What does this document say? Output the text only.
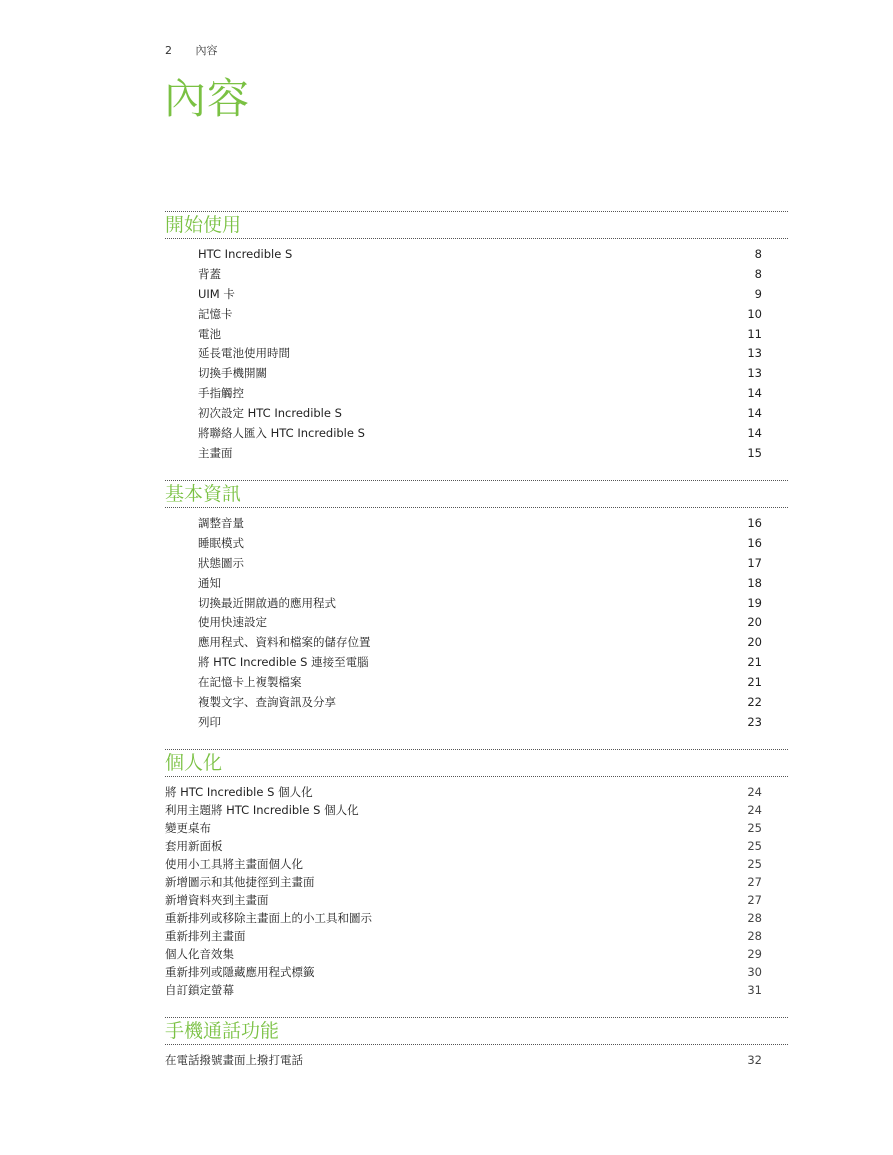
2 內容
內容
開始使用
HTC Incredible S	8
背蓋	8
UIM 卡	9
記憶卡	10
電池	11
延長電池使用時間	13
切換手機開關	13
手指觸控	14
初次設定 HTC Incredible S	14
將聯絡人匯入 HTC Incredible S	14
主畫面	15
基本資訊
調整音量	16
睡眠模式	16
狀態圖示	17
通知	18
切換最近開啟過的應用程式	19
使用快速設定	20
應用程式、資料和檔案的儲存位置	20
將 HTC Incredible S 連接至電腦	21
在記憶卡上複製檔案	21
複製文字、查詢資訊及分享	22
列印	23
個人化
將 HTC Incredible S 個人化	24
利用主題將 HTC Incredible S 個人化	24
變更桌布	25
套用新面板	25
使用小工具將主畫面個人化	25
新增圖示和其他捷徑到主畫面	27
新增資料夾到主畫面	27
重新排列或移除主畫面上的小工具和圖示	28
重新排列主畫面	28
個人化音效集	29
重新排列或隱藏應用程式標籤	30
自訂鎖定螢幕	31
手機通話功能
在電話撥號畫面上撥打電話	32
